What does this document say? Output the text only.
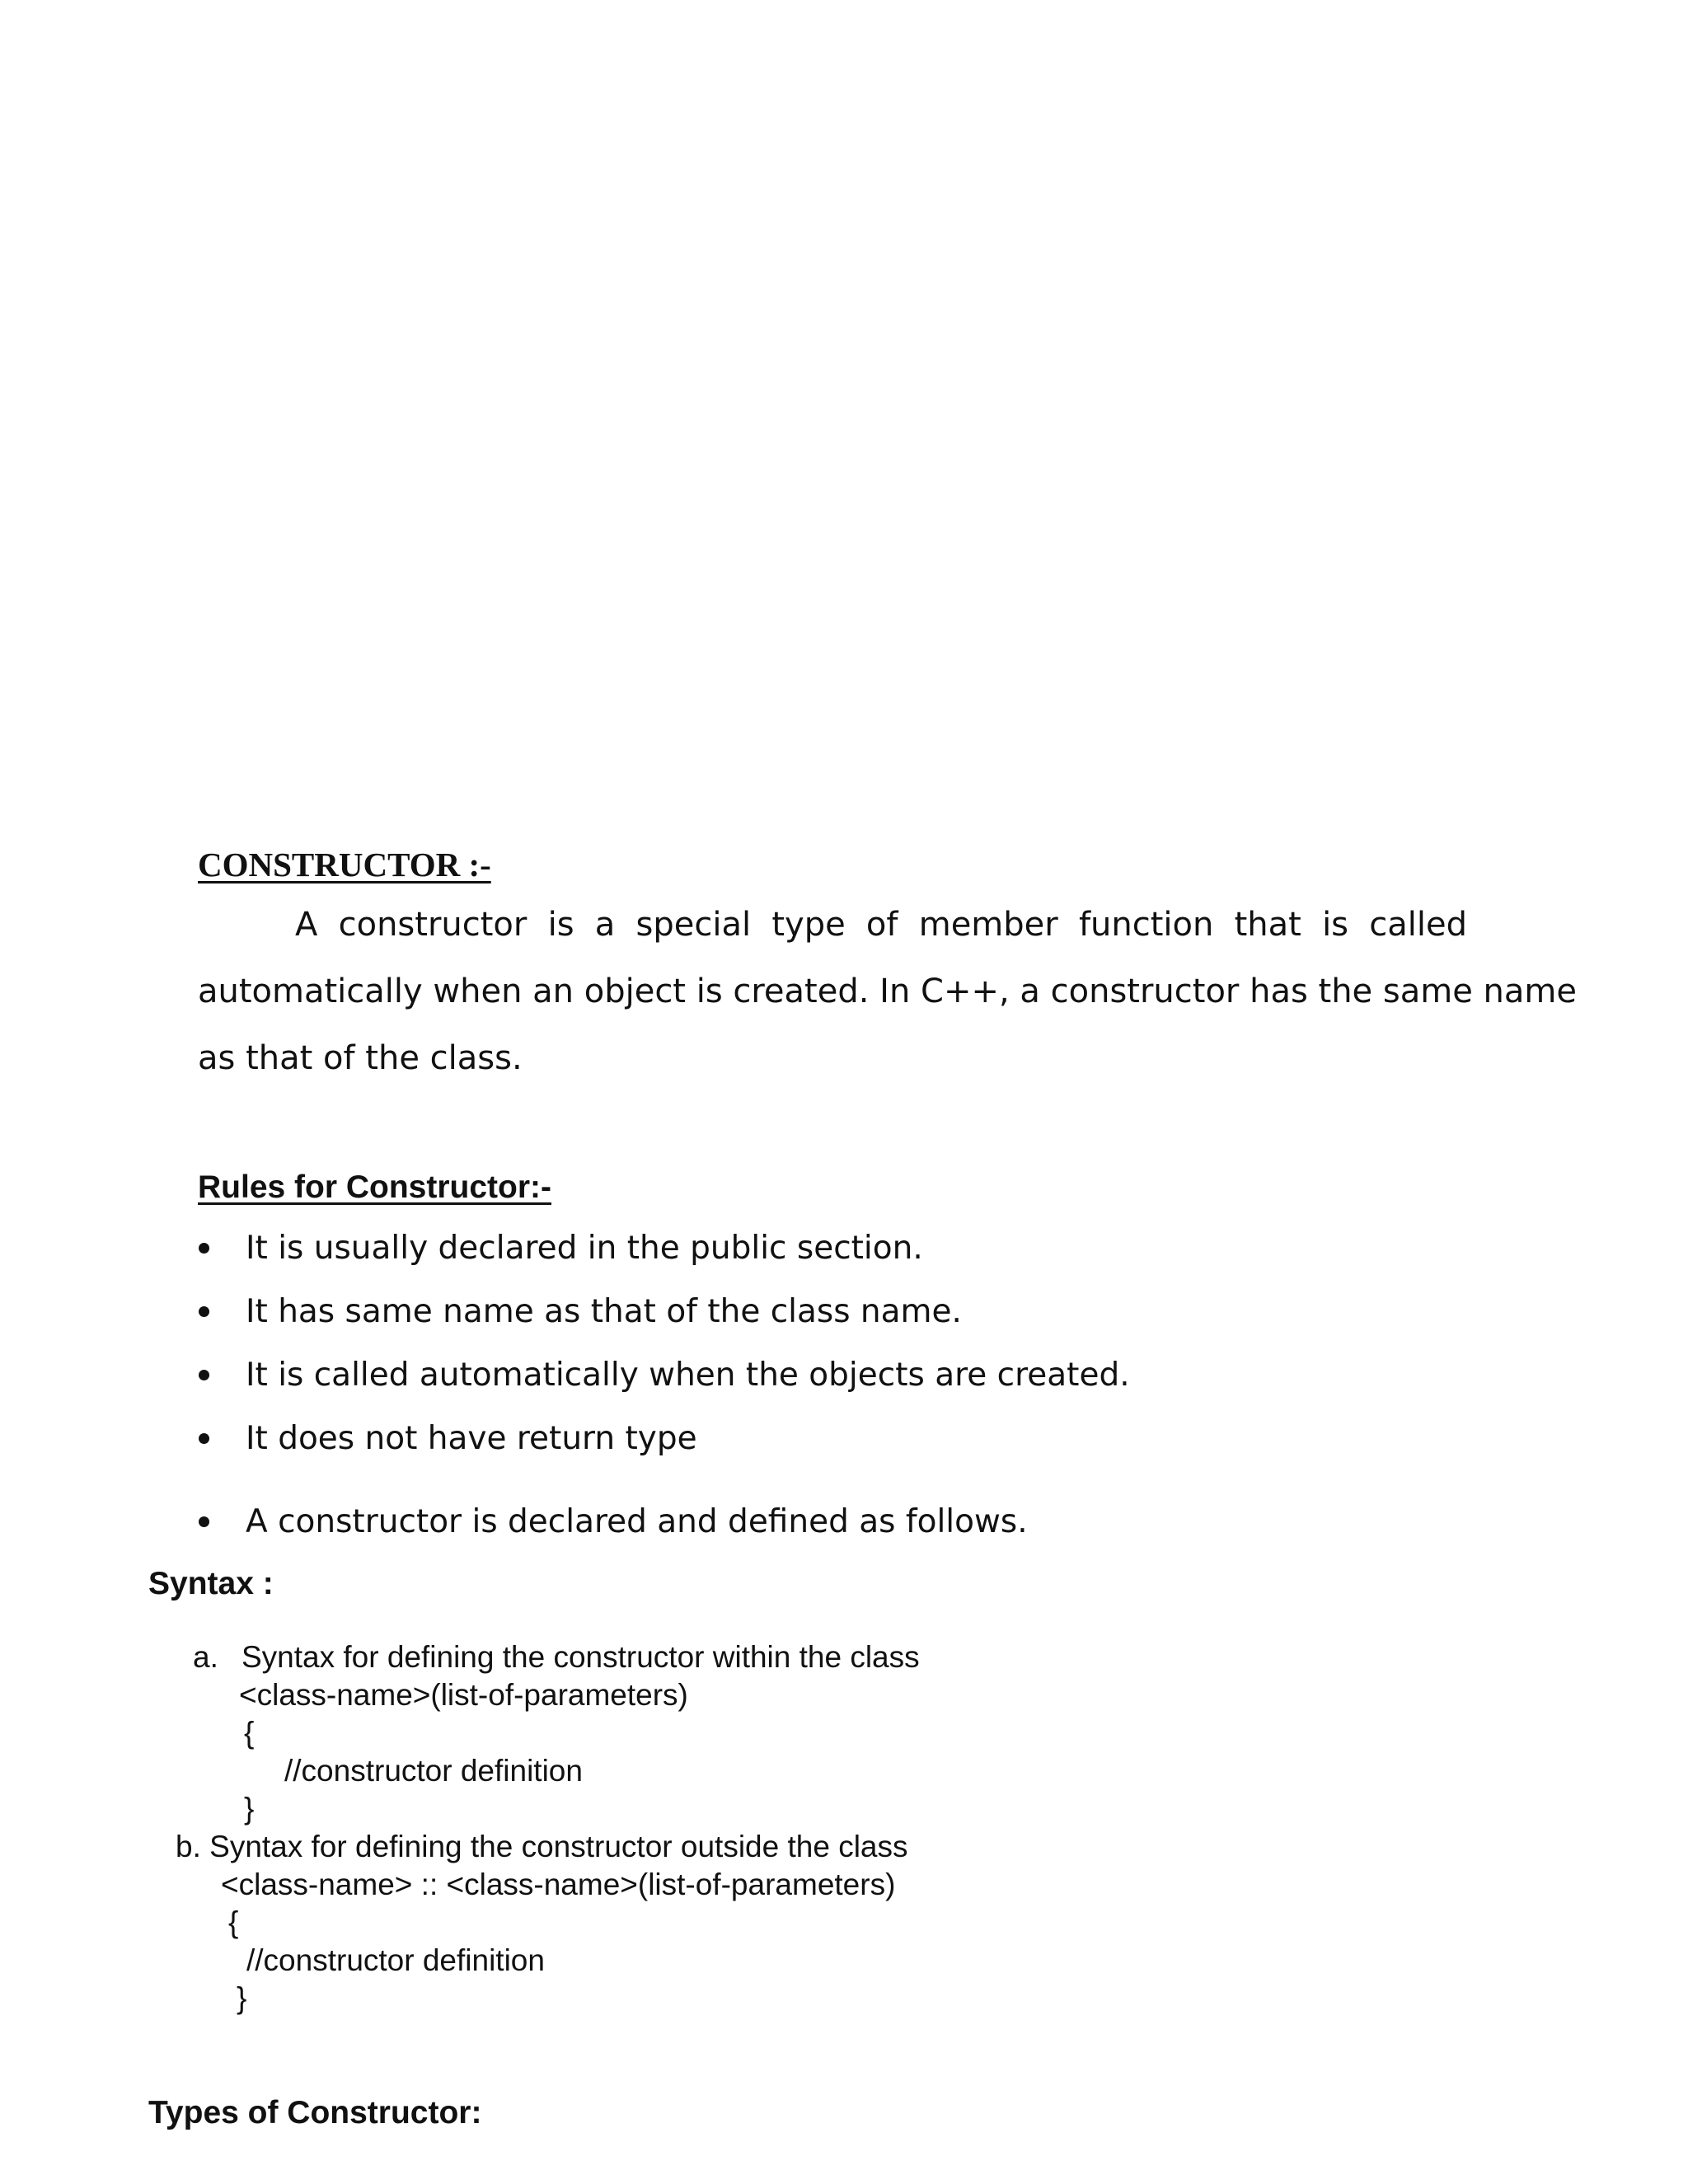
CONSTRUCTOR :-
A constructor is a special type of member function that is called
automatically when an object is created. In C++, a constructor has the same name
as that of the class.
Rules for Constructor:-
It is usually declared in the public section.
It has same name as that of the class name.
It is called automatically when the objects are created.
It does not have return type
A constructor is declared and defined as follows.
Syntax :
a. Syntax for defining the constructor within the class
<class-name>(list-of-parameters)
{
//constructor definition
}
b. Syntax for defining the constructor outside the class
<class-name> :: <class-name>(list-of-parameters)
{
//constructor definition
}
Types of Constructor:
